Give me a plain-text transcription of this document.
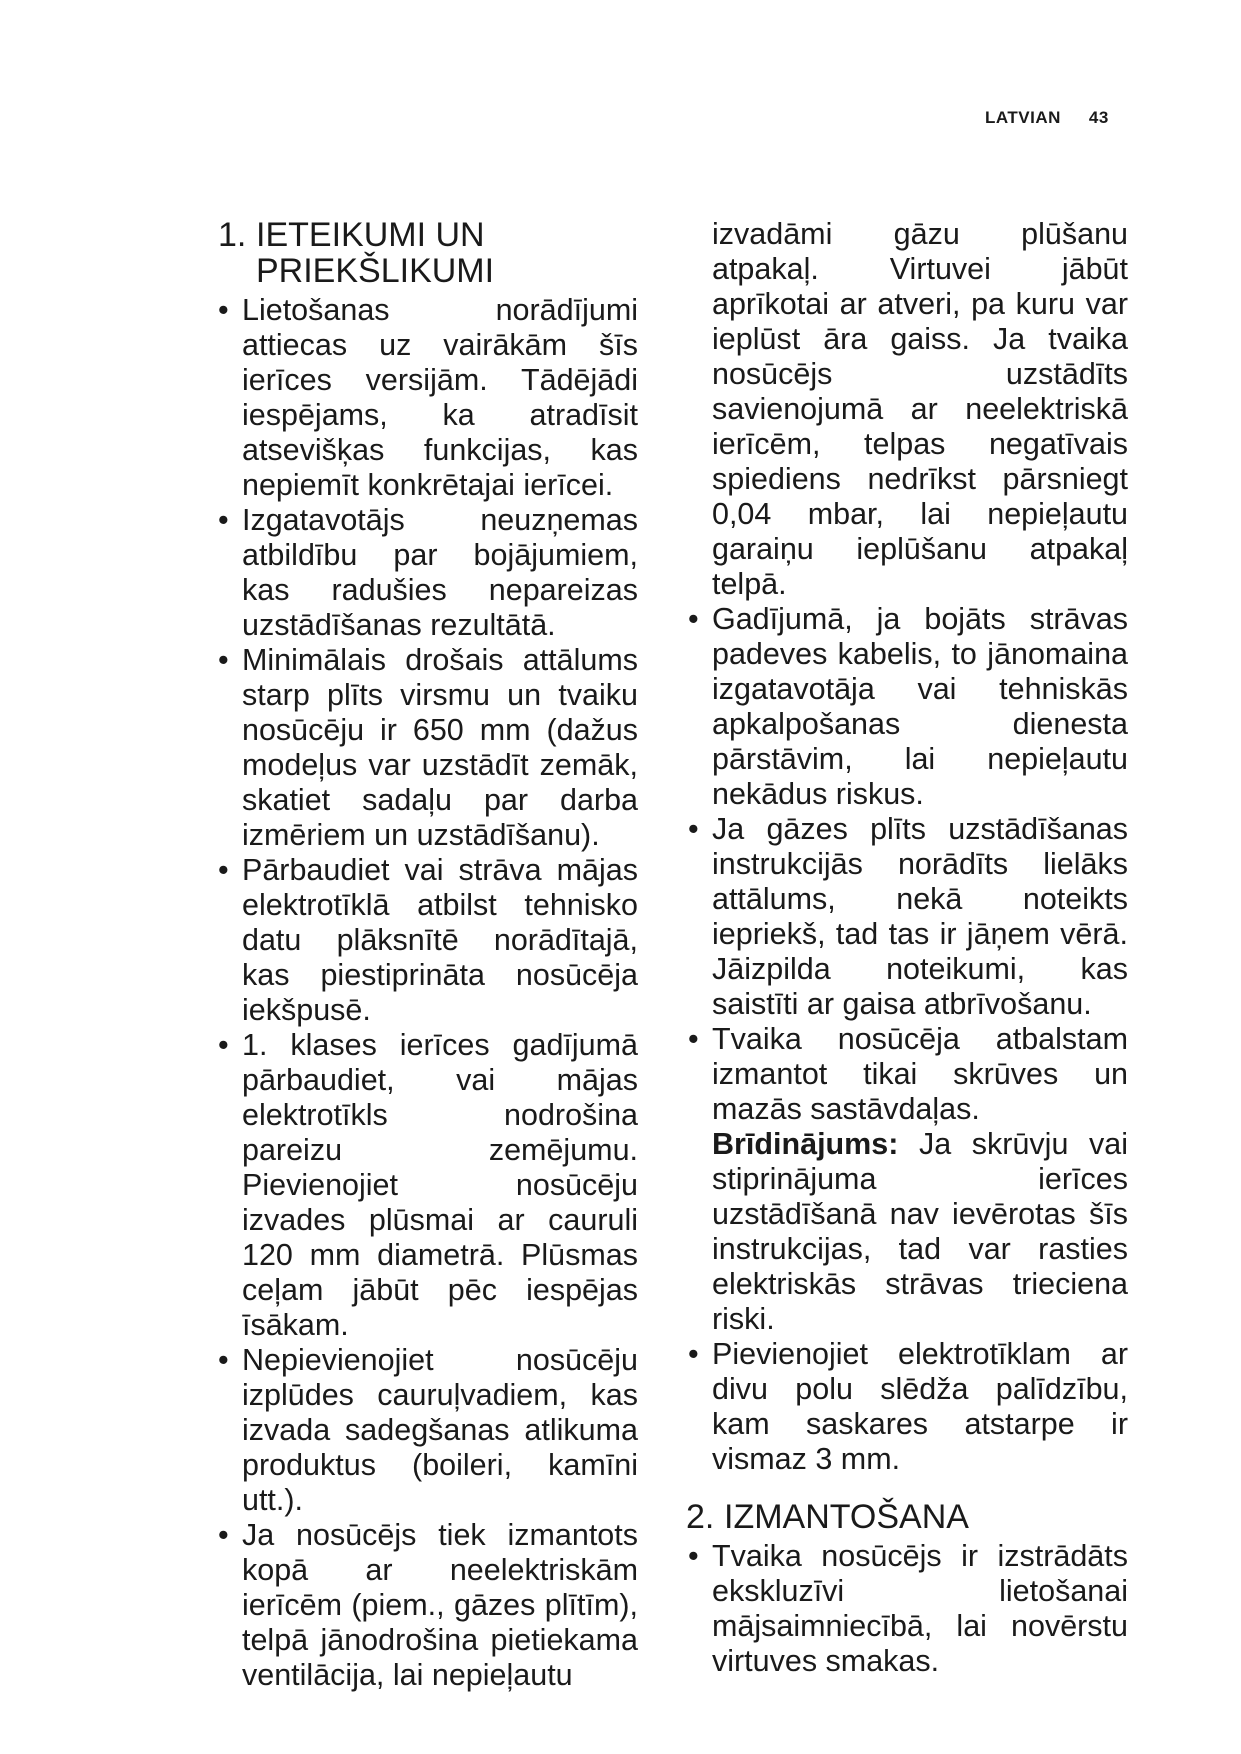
LATVIAN 43
1. IETEIKUMI UN PRIEKŠLIKUMI
• Lietošanas norādījumi attiecas uz vairākām šīs ierīces versijām. Tādējādi iespējams, ka atradīsit atsevišķas funkcijas, kas nepiemīt konkrētajai ierīcei.
• Izgatavotājs neuzņemas atbildību par bojājumiem, kas radušies nepareizas uzstādīšanas rezultātā.
• Minimālais drošais attālums starp plīts virsmu un tvaiku nosūcēju ir 650 mm (dažus modeļus var uzstādīt zemāk, skatiet sadaļu par darba izmēriem un uzstādīšanu).
• Pārbaudiet vai strāva mājas elektrotīklā atbilst tehnisko datu plāksnītē norādītajā, kas piestiprināta nosūcēja iekšpusē.
• 1. klases ierīces gadījumā pārbaudiet, vai mājas elektrotīkls nodrošina pareizu zemējumu. Pievienojiet nosūcēju izvades plūsmai ar cauruli 120 mm diametrā. Plūsmas ceļam jābūt pēc iespējas īsākam.
• Nepievienojiet nosūcēju izplūdes cauruļvadiem, kas izvada sadegšanas atlikuma produktus (boileri, kamīni utt.).
• Ja nosūcējs tiek izmantots kopā ar neelektriskām ierīcēm (piem., gāzes plītīm), telpā jānodrošina pietiekama ventilācija, lai nepieļautu

izvadāmi gāzu plūšanu atpakaļ. Virtuvei jābūt aprīkotai ar atveri, pa kuru var ieplūst āra gaiss. Ja tvaika nosūcējs uzstādīts savienojumā ar neelektriskā ierīcēm, telpas negatīvais spiediens nedrīkst pārsniegt 0,04 mbar, lai nepieļautu garaiņu ieplūšanu atpakaļ telpā.

• Gadījumā, ja bojāts strāvas padeves kabelis, to jānomaina izgatavotāja vai tehniskās apkalpošanas dienesta pārstāvim, lai nepieļautu nekādus riskus.
• Ja gāzes plīts uzstādīšanas instrukcijās norādīts lielāks attālums, nekā noteikts iepriekš, tad tas ir jāņem vērā. Jāizpilda noteikumi, kas saistīti ar gaisa atbrīvošanu.
• Tvaika nosūcēja atbalstam izmantot tikai skrūves un mazās sastāvdaļas.
Brīdinājums: Ja skrūvju vai stiprinājuma ierīces uzstādīšanā nav ievērotas šīs instrukcijas, tad var rasties elektriskās strāvas trieciena riski.
• Pievienojiet elektrotīklam ar divu polu slēdža palīdzību, kam saskares atstarpe ir vismaz 3 mm.
2. IZMANTOŠANA
• Tvaika nosūcējs ir izstrādāts ekskluzīvi lietošanai mājsaimniecībā, lai novērstu virtuves smakas.
